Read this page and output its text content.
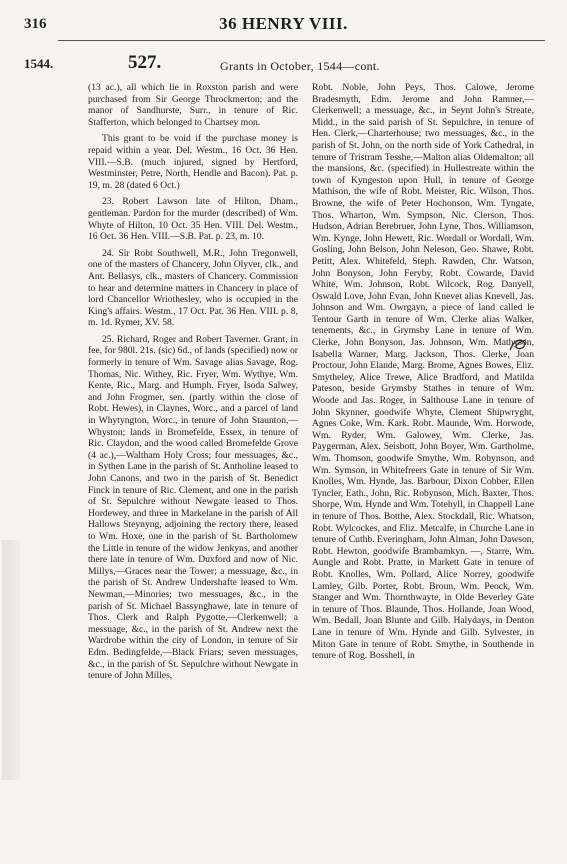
316	36 HENRY VIII.
1544.	527.	Grants in October, 1544—cont.

(13 ac.), all which lie in Roxston parish and were purchased from Sir George Throckmerton; and the manor of Sandhurste, Surr., in tenure of Ric. Stafferton, which belonged to Chartsey mon.

This grant to be void if the purchase money is repaid within a year. Del. Westm., 16 Oct. 36 Hen. VIII.—S.B. (much injured, signed by Hertford, Westminster, Petre, North, Hendle and Bacon). Pat. p. 19, m. 28 (dated 6 Oct.)

23. Robert Lawson late of Hilton, Dham., gentleman. Pardon for the murder (described) of Wm. Whyte of Hilton, 10 Oct. 35 Hen. VIII. Del. Westm., 16 Oct. 36 Hen. VIII.—S.B. Pat. p. 23, m. 10.

24. Sir Robt Southwell, M.R., John Tregonwell, one of the masters of Chancery, John Olyver, clk., and Ant. Bellasys, clk., masters of Chancery. Commission to hear and determine matters in Chancery in place of lord Chancellor Wriothesley, who is occupied in the King's affairs. Westm., 17 Oct. Pat. 36 Hen. VIII. p. 8, m. 1d. Rymer, XV. 58.

25. Richard, Roger and Robert Taverner. Grant, in fee, for 980l. 21s. (sic) 6d., of lands (specified) now or formerly in tenure of Wm. Savage alias Savage, Rog. Thomas, Nic. Withey, Ric. Fryer, Wm. Wythye, Wm. Kente, Ric., Marg. and Humph. Fryer, Isoda Salwey, and John Frogmer, sen. (partly within the close of Robt. Hewes), in Claynes, Worc., and a parcel of land in Whytyngton, Worc., in tenure of John Staunton,—Whyston; lands in Bromefelde, Essex, in tenure of Ric. Claydon, and the wood called Bromefelde Grove (4 ac.),—Waltham Holy Cross; four messuages, &c., in Sythen Lane in the parish of St. Antholine leased to John Canons, and two in the parish of St. Benedict Finck in tenure of Ric. Clement, and one in the parish of St. Sepulchre without Newgate leased to Thos. Hordewey, and three in Markelane in the parish of All Hallows Steynyng, adjoining the rectory there, leased to Wm. Hoxe, one in the parish of St. Bartholomew the Little in tenure of the widow Jenkyns, and another there late in tenure of Wm. Duxford and now of Nic. Millys,—Graces near the Tower; a messuage, &c., in the parish of St. Andrew Undershafte leased to Wm. Newman,—Minories; two messuages, &c., in the parish of St. Michael Bassynghawe, late in tenure of Thos. Clerk and Ralph Pygotte,—Clerkenwell; a messuage, &c., in the parish of St. Andrew next the Wardrobe within the city of London, in tenure of Sir Edm. Bedingfelde,—Black Friars; seven messuages, &c., in the parish of St. Sepulchre without Newgate in tenure of John Milles,

Robt. Noble, John Peys, Thos. Calowe, Jerome Bradesmyth, Edm. Jerome and John Ramner,—Clerkenwell; a messuage, &c., in Seynt John's Streate, Midd., in the said parish of St. Sepulchre, in tenure of Hen. Clerk,—Charterhouse; two messuages, &c., in the parish of St. John, on the north side of York Cathedral, in tenure of Tristram Tesshe,—Malton alias Oldemalton; all the mansions, &c. (specified) in Hullestreate within the town of Kyngeston upon Hull, in tenure of George Mathison, the wife of Robt. Meister, Ric. Wilson, Thos. Browne, the wife of Peter Hochonson, Wm. Tyngate, Thos. Wharton, Wm. Sympson, Nic. Clerson, Thos. Hudson, Adrian Berebruer, John Lyne, Thos. Williamson, Wm. Kynge, John Hewett, Ric. Wordall or Wordall, Wm. Gosling, John Belson, John Neleson, Geo. Shawe, Robt. Petitt, Alex. Whitefeld, Steph. Rawden, Chr. Watson, John Bonyson, John Feryby, Robt. Cowarde, David White, Wm. Johnson, Robt. Wilcock, Rog. Danyell, Oswald Love, John Evan, John Knevet alias Knevell, Jas. Johnson and Wm. Owrgayn, a piece of land called le Tentour Garth in tenure of Wm. Clerke alias Walker, tenements, &c., in Grymsby Lane in tenure of Wm. Clerke, John Bonyson, Jas. Johnson, Wm. Mathyson, Isabella Warner, Marg. Jackson, Thos. Clerke, Joan Proctour, John Elande, Marg. Brome, Agnes Bowes, Eliz. Smytheley, Alice Trewe, Alice Bradford, and Matilda Pateson, beside Grymsby Stathes in tenure of Wm. Woode and Jas. Roger, in Salthouse Lane in tenure of John Skynner, goodwife Whyte, Clement Shipwryght, Agnes Coke, Wm. Kark. Robt. Maunde, Wm. Horwode, Wm. Ryder, Wm. Galowey, Wm. Clerke, Jas. Paygerman, Alex. Seisbott, John Boyer, Wm. Gartholme, Wm. Thomson, goodwife Smythe, Wm. Robynson, and Wm. Symson, in Whitefreers Gate in tenure of Sir Wm. Knolles, Wm. Hynde, Jas. Barbour, Dixon Cobber, Ellen Tyncler, Eath., John, Ric. Robynson, Mich. Baxter, Thos. Shorpe, Wm. Hynde and Wm. Totehyll, in Chappell Lane in tenure of Thos. Botthe, Alex. Stockdall, Ric. Whatson, Robt. Wylcockes, and Eliz. Metcalfe, in Churche Lane in tenure of Cuthb. Everingham, John Alman, John Dawson, Robt. Hewton, goodwife Brambamkyn. —, Starre, Wm. Aungle and Robt. Pratte, in Markett Gate in tenure of Robt. Knolles, Wm. Pollard, Alice Norrey, goodwife Lamley, Gilb. Porter, Robt. Broun, Wm. Peock, Wm. Stanger and Wm. Thornthwayte, in Olde Beverley Gate in tenure of Thos. Blaunde, Thos. Hollande, Joan Wood, Wm. Bedall, Joan Blunte and Gilb. Halydays, in Denton Lane in tenure of Wm. Hynde and Gilb. Sylvester, in Miton Gate in tenure of Robt. Smythe, in Southende in tenure of Rog. Bosshell, in
